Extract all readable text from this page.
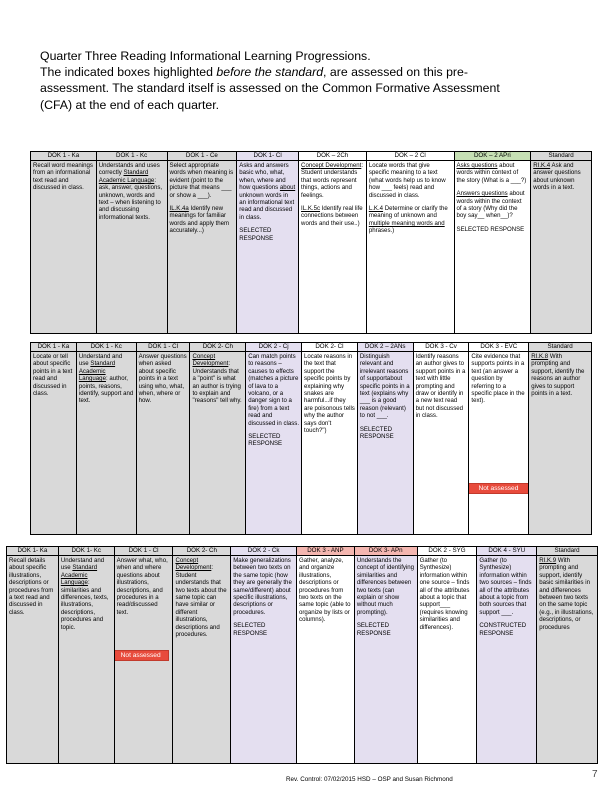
Quarter Three Reading Informational Learning Progressions.
The indicated boxes highlighted before the standard, are assessed on this pre-
assessment. The standard itself is assessed on the Common Formative Assessment
(CFA) at the end of each quarter.
DOK 1 - Ka
Recall word meanings from an informational text read and discussed in class.
DOK 1 - Kc
Understands and uses correctly Standard Academic Language: ask, answer, questions, unknown, words and text – when listening to and discussing informational texts.
DOK 1 - Ce
Select appropriate words when meaning is evident (point to the picture that means ___ or show a ___).
IL.K.4a Identify new meanings for familiar words and apply them accurately...)
DOK 1- Cl
Asks and answers basic who, what, when, where and how questions about unknown words in an informational text read and discussed in class.
SELECTED RESPONSE
DOK – 2Ch
Concept Development: Student understands that words represent things, actions and feelings.
IL.K.5c Identify real life connections between words and their use..)
DOK – 2 Cl
Locate words that give specific meaning to a text (what words help us to know how ___ feels) read and discussed in class.
L.K.4 Determine or clarify the meaning of unknown and multiple meaning words and phrases.)
DOK – 2 APri
Asks questions about words within context of the story (What is a ___?)
Answers questions about words within the context of a story (Why did the boy say__ when__)?
SELECTED RESPONSE
Standard
RI.K.4 Ask and answer questions about unknown words in a text.
DOK 1 - Ka
Locate or tell about specific points in a text read and discussed in class.
DOK 1 - Kc
Understand and use Standard Academic Language: author, points, reasons, identify, support and text.
DOK 1 - Cl
Answer questions when asked about specific points in a text using who, what, when, where or how.
DOK 2- Ch
Concept Development: Understands that a "point" is what an author is trying to explain and "reasons" tell why.
DOK 2 - Cj
Can match points to reasons – causes to effects (matches a picture of lava to a volcano, or a danger sign to a fire) from a text read and discussed in class.
SELECTED RESPONSE
DOK 2- Cl
Locate reasons in the text that support the specific points by explaining why snakes are harmful...if they are poisonous tells why the author says don't touch?")
DOK 2 – 2ANs
Distinguish relevant and irrelevant reasons of supportabout specific points in a text (explains why ___ is a good reason (relevant) to not ___.
SELECTED RESPONSE
DOK 3 - Cv
Identify reasons an author gives to support points in a text with little prompting and draw or identify in a new text read but not discussed in class.
DOK 3 - EVC
Cite evidence that supports points in a text (an answer a question by referring to a specific place in the text).
Not assessed
Standard
RI.K.8 With prompting and support, identify the reasons an author gives to support points in a text.
DOK 1- Ka
Recall details about specific illustrations, descriptions or procedures from a text read and discussed in class.
DOK 1- Kc
Understand and use Standard Academic Language: similarities and differences, texts, illustrations, descriptions, procedures and topic.
DOK 1 - Cl
Answer what, who, when and where questions about illustrations, descriptions, and procedures in a read/discussed text.
Not assessed
DOK 2- Ch
Concept Development: Student understands that two texts about the same topic can have similar or different illustrations, descriptions and procedures.
DOK 2 - Ck
Make generalizations between two texts on the same topic (how they are generally the same/different) about specific illustrations, descriptions or procedures.
SELECTED RESPONSE
DOK 3 - ANP
Gather, analyze, and organize illustrations, descriptions or procedures from two texts on the same topic (able to organize by lists or columns).
DOK 3- APn
Understands the concept of identifying similarities and differences between two texts (can explain or show without much prompting).
SELECTED RESPONSE
DOK 2 - SYG
Gather (to Synthesize) information within one source – finds all of the attributes about a topic that support___ (requires knowing similarities and differences).
DOK 4 - SYU
Gather (to Synthesize) information within two sources – finds all of the attributes about a topic from both sources that support ___.
CONSTRUCTED RESPONSE
Standard
RI.K.9 With prompting and support, identify basic similarities in and differences between two texts on the same topic (e.g., in illustrations, descriptions, or procedures
Rev. Control: 07/02/2015 HSD – OSP and Susan Richmond	7
